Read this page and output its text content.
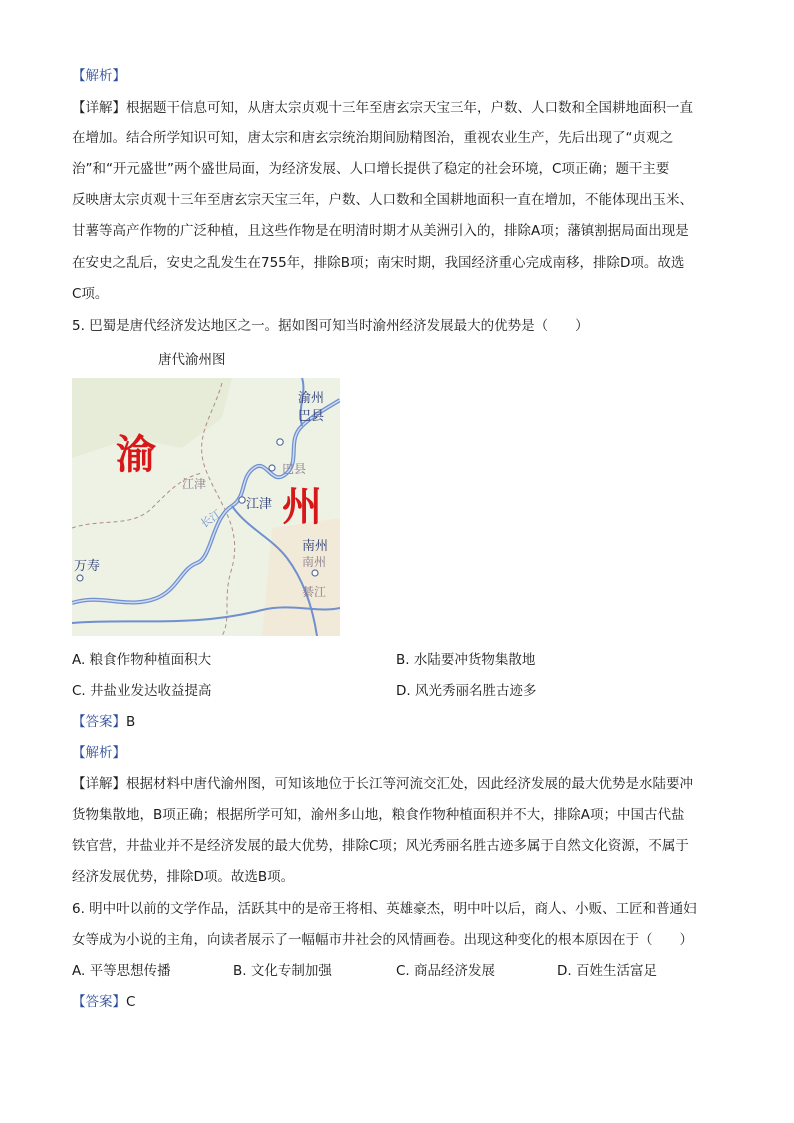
【解析】
【详解】根据题干信息可知，从唐太宗贞观十三年至唐玄宗天宝三年，户数、人口数和全国耕地面积一直
在增加。结合所学知识可知，唐太宗和唐玄宗统治期间励精图治，重视农业生产，先后出现了“贞观之
治”和“开元盛世”两个盛世局面，为经济发展、人口增长提供了稳定的社会环境，C项正确；题干主要
反映唐太宗贞观十三年至唐玄宗天宝三年，户数、人口数和全国耕地面积一直在增加，不能体现出玉米、
甘薯等高产作物的广泛种植，且这些作物是在明清时期才从美洲引入的，排除A项；藩镇割据局面出现是
在安史之乱后，安史之乱发生在755年，排除B项；南宋时期，我国经济重心完成南移，排除D项。故选
C项。
5. 巴蜀是唐代经济发达地区之一。据如图可知当时渝州经济发展最大的优势是（　　）
唐代渝州图
渝
州
渝州
巴县
巴县
江津
江津
长江
南州
南州
綦江
万寿
A. 粮食作物种植面积大	B. 水陆要冲货物集散地
C. 井盐业发达收益提高	D. 风光秀丽名胜古迹多
【答案】B
【解析】
【详解】根据材料中唐代渝州图，可知该地位于长江等河流交汇处，因此经济发展的最大优势是水陆要冲
货物集散地，B项正确；根据所学可知，渝州多山地，粮食作物种植面积并不大，排除A项；中国古代盐
铁官营，井盐业并不是经济发展的最大优势，排除C项；风光秀丽名胜古迹多属于自然文化资源，不属于
经济发展优势，排除D项。故选B项。
6. 明中叶以前的文学作品，活跃其中的是帝王将相、英雄豪杰，明中叶以后，商人、小贩、工匠和普通妇
女等成为小说的主角，向读者展示了一幅幅市井社会的风情画卷。出现这种变化的根本原因在于（　　）
A. 平等思想传播	B. 文化专制加强	C. 商品经济发展	D. 百姓生活富足
【答案】C
